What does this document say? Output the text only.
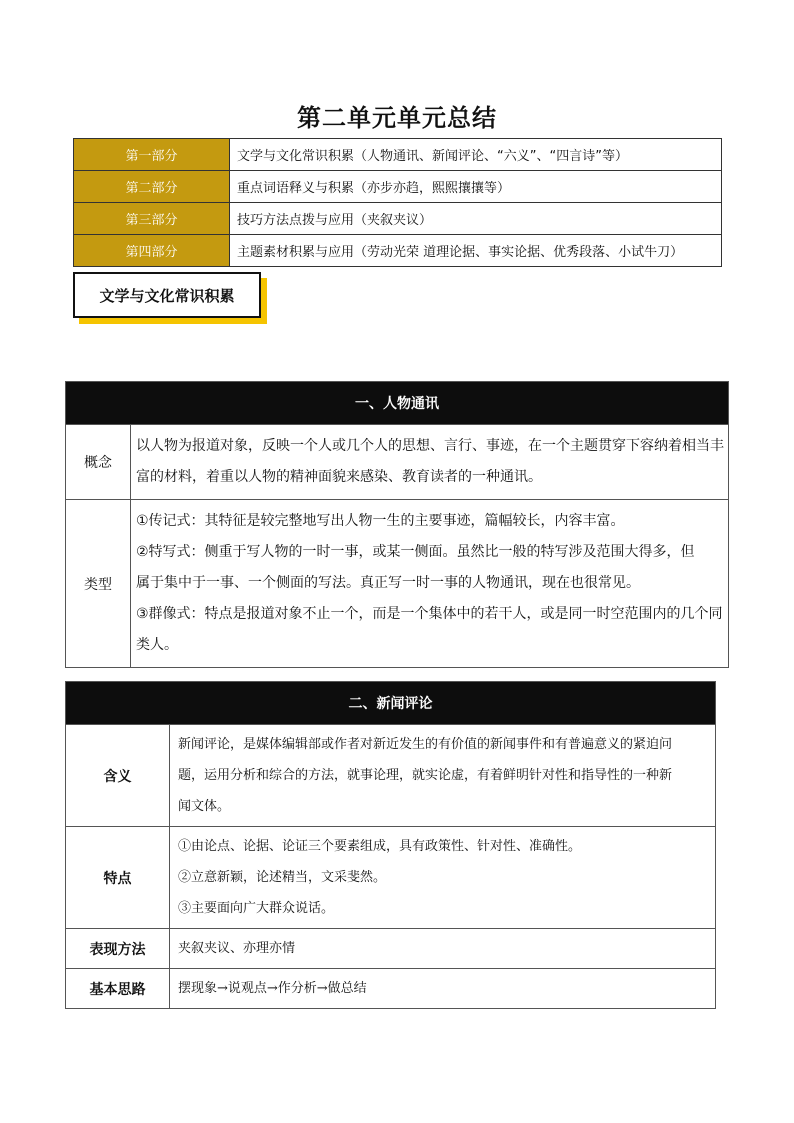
第二单元单元总结
第一部分	文学与文化常识积累（人物通讯、新闻评论、“六义”、“四言诗”等）
第二部分	重点词语释义与积累（亦步亦趋，熙熙攘攘等）
第三部分	技巧方法点拨与应用（夹叙夹议）
第四部分	主题素材积累与应用（劳动光荣 道理论据、事实论据、优秀段落、小试牛刀）
文学与文化常识积累
一、人物通讯	
概念	以人物为报道对象，反映一个人或几个人的思想、言行、事迹，在一个主题贯穿下容纳着相当丰
富的材料，着重以人物的精神面貌来感染、教育读者的一种通讯。

类型	①传记式：其特征是较完整地写出人物一生的主要事迹，篇幅较长，内容丰富。
②特写式：侧重于写人物的一时一事，或某一侧面。虽然比一般的特写涉及范围大得多，但
属于集中于一事、一个侧面的写法。真正写一时一事的人物通讯，现在也很常见。
③群像式：特点是报道对象不止一个，而是一个集体中的若干人，或是同一时空范围内的几个同
类人。
二、新闻评论	
含义	新闻评论，是媒体编辑部或作者对新近发生的有价值的新闻事件和有普遍意义的紧迫问
题，运用分析和综合的方法，就事论理，就实论虚，有着鲜明针对性和指导性的一种新
闻文体。

特点	①由论点、论据、论证三个要素组成，具有政策性、针对性、准确性。
②立意新颖，论述精当，文采斐然。
③主要面向广大群众说话。

表现方法	夹叙夹议、亦理亦情

基本思路	摆现象→说观点→作分析→做总结
